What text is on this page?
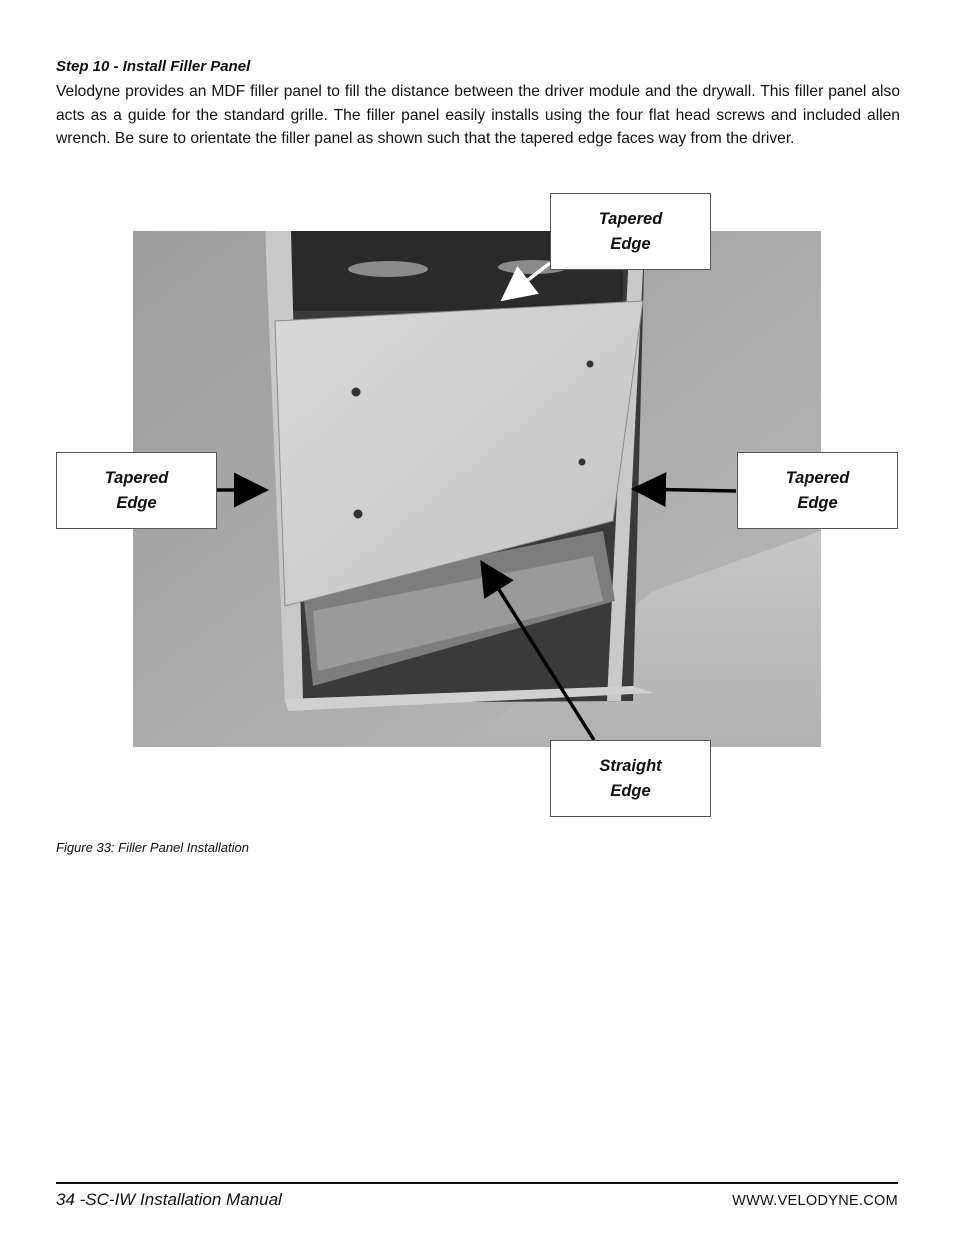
Step 10 - Install Filler Panel
Velodyne provides an MDF filler panel to fill the distance between the driver module and the drywall. This filler panel also acts as a guide for the standard grille. The filler panel easily installs using the four flat head screws and included allen wrench. Be sure to orientate the filler panel as shown such that the tapered edge faces way from the driver.
Tapered
Edge
Tapered
Edge
Tapered
Edge
Straight
Edge
Figure 33: Filler Panel Installation
34 -SC-IW Installation Manual	WWW.VELODYNE.COM
